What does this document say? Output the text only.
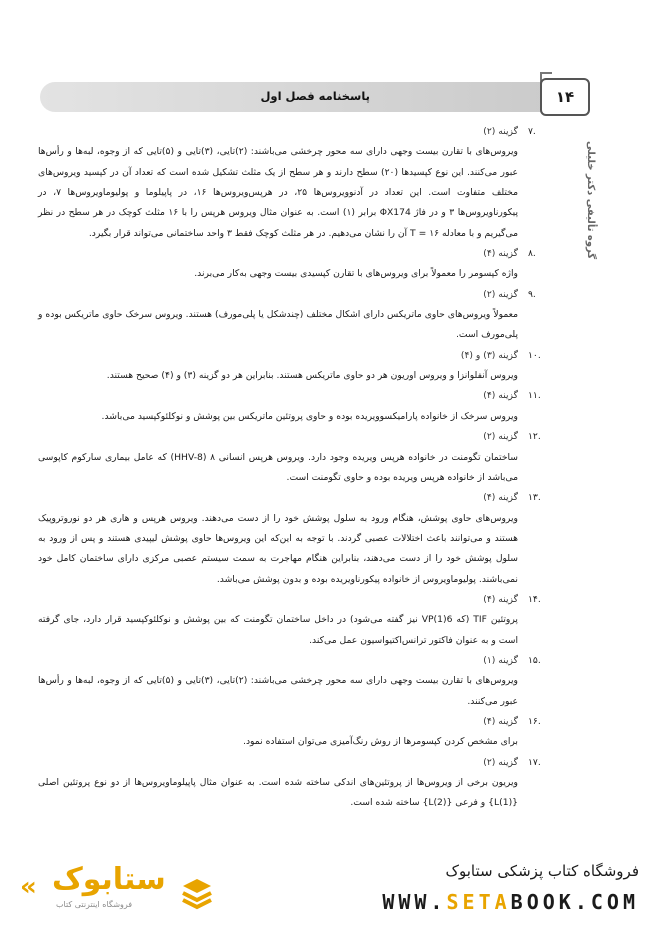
پاسخنامه فصل اول	۱۴
گروه تألیفی دکتر خلیلی
۷.
گزینه (۲)
ویروس‌های با تقارن بیست وجهی دارای سه محور چرخشی می‌باشند: (۲)تایی، (۳)تایی و (۵)تایی که از وجوه، لبه‌ها و رأس‌ها عبور می‌کنند. این نوع کپسیدها (۲۰) سطح دارند و هر سطح از یک مثلث تشکیل شده است که تعداد آن در کپسید ویروس‌های مختلف متفاوت است. این تعداد در آدنوویروس‌ها ۲۵، در هرپس‌ویروس‌ها ۱۶، در پاپیلوما و پولیوماویروس‌ها ۷، در پیکورناویروس‌ها ۳ و در فاژ ΦX174 برابر (۱) است. به عنوان مثال ویروس هرپس را با ۱۶ مثلث کوچک در هر سطح در نظر می‌گیریم و با معادله T = ۱۶ آن را نشان می‌دهیم. در هر مثلث کوچک فقط ۳ واحد ساختمانی می‌تواند قرار بگیرد.
۸.
گزینه (۴)
واژه کپسومر را معمولاً برای ویروس‌های با تقارن کپسیدی بیست وجهی به‌کار می‌برند.
۹.
گزینه (۲)
معمولاً ویروس‌های حاوی ماتریکس دارای اشکال مختلف (چندشکل یا پلی‌مورف) هستند. ویروس سرخک حاوی ماتریکس بوده و پلی‌مورف است.
۱۰.
گزینه (۳) و (۴)
ویروس آنفلوانزا و ویروس اوریون هر دو حاوی ماتریکس هستند. بنابراین هر دو گزینه (۳) و (۴) صحیح هستند.
۱۱.
گزینه (۴)
ویروس سرخک از خانواده پارامیکسوویریده بوده و حاوی پروتئین ماتریکس بین پوشش و نوکلئوکپسید می‌باشد.
۱۲.
گزینه (۲)
ساختمان تگومنت در خانواده هرپس ویریده وجود دارد. ویروس هرپس انسانی ۸ (HHV-8) که عامل بیماری سارکوم کاپوسی می‌باشد از خانواده هرپس ویریده بوده و حاوی تگومنت است.
۱۳.
گزینه (۴)
ویروس‌های حاوی پوشش، هنگام ورود به سلول پوشش خود را از دست می‌دهند. ویروس هرپس و هاری هر دو نوروتروپیک هستند و می‌توانند باعث اختلالات عصبی گردند. با توجه به این‌که این ویروس‌ها حاوی پوشش لیپیدی هستند و پس از ورود به سلول پوشش خود را از دست می‌دهند، بنابراین هنگام مهاجرت به سمت سیستم عصبی مرکزی دارای ساختمان کامل خود نمی‌باشند. پولیوماویروس از خانواده پیکورناویریده بوده و بدون پوشش می‌باشد.
۱۴.
گزینه (۴)
پروتئین TIF (که VP(1)6 نیز گفته می‌شود) در داخل ساختمان تگومنت که بین پوشش و نوکلئوکپسید قرار دارد، جای گرفته است و به عنوان فاکتور ترانس‌اکتیواسیون عمل می‌کند.
۱۵.
گزینه (۱)
ویروس‌های با تقارن بیست وجهی دارای سه محور چرخشی می‌باشند: (۲)تایی، (۳)تایی و (۵)تایی که از وجوه، لبه‌ها و رأس‌ها عبور می‌کنند.
۱۶.
گزینه (۴)
برای مشخص کردن کپسومرها از روش رنگ‌آمیزی می‌توان استفاده نمود.
۱۷.
گزینه (۲)
ویریون برخی از ویروس‌ها از پروتئین‌های اندکی ساخته شده است. به عنوان مثال پاپیلوماویروس‌ها از دو نوع پروتئین اصلی {(L(1} و فرعی {(L(2} ساخته شده است.
فروشگاه کتاب پزشکی ستابوک
WWW.SETABOOK.COM
« ستابوک
فروشگاه اینترنتی کتاب
